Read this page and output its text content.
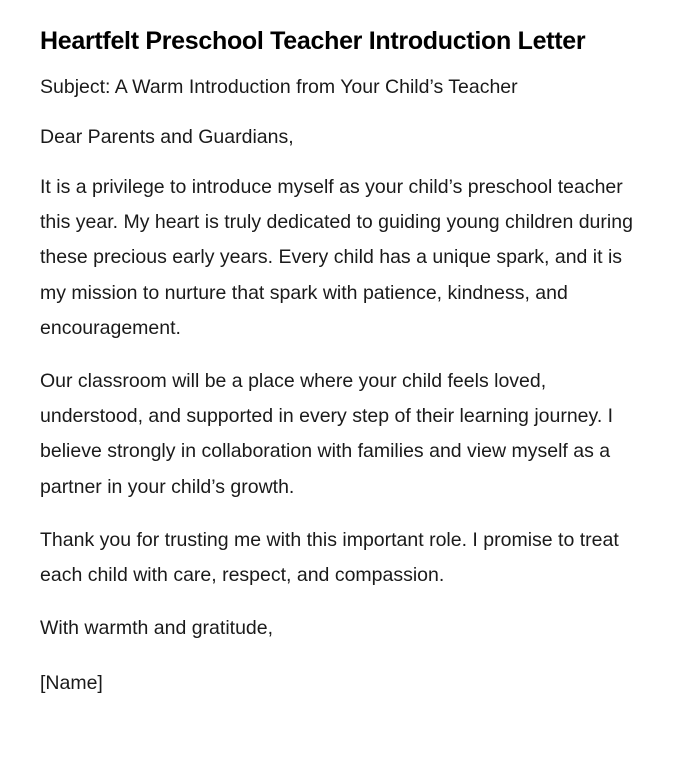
Heartfelt Preschool Teacher Introduction Letter

Subject: A Warm Introduction from Your Child’s Teacher

Dear Parents and Guardians,

It is a privilege to introduce myself as your child’s preschool teacher this year. My heart is truly dedicated to guiding young children during these precious early years. Every child has a unique spark, and it is my mission to nurture that spark with patience, kindness, and encouragement.

Our classroom will be a place where your child feels loved, understood, and supported in every step of their learning journey. I believe strongly in collaboration with families and view myself as a partner in your child’s growth.

Thank you for trusting me with this important role. I promise to treat each child with care, respect, and compassion.

With warmth and gratitude,

[Name]
